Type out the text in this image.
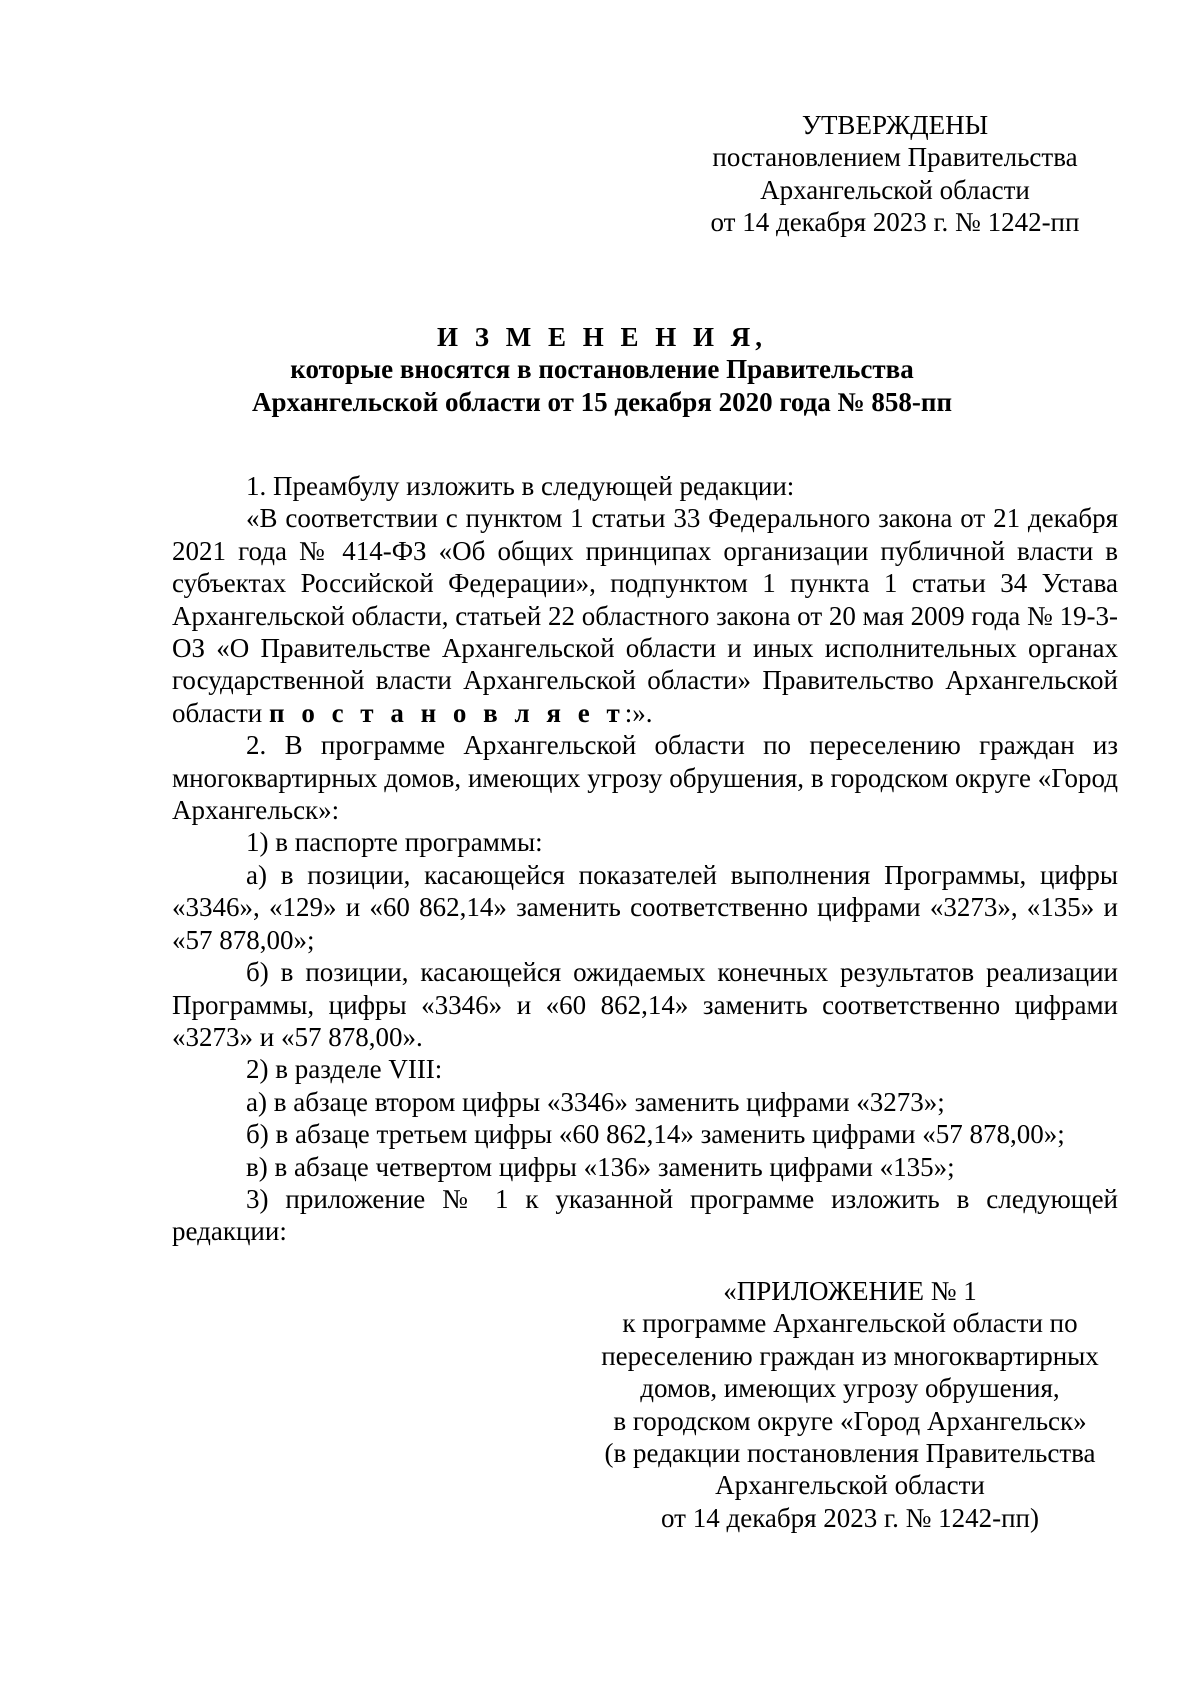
УТВЕРЖДЕНЫ
постановлением Правительства
Архангельской области
от 14 декабря 2023 г. № 1242-пп
И З М Е Н Е Н И Я,
которые вносятся в постановление Правительства
Архангельской области от 15 декабря 2020 года № 858-пп

1. Преамбулу изложить в следующей редакции:

«В соответствии с пунктом 1 статьи 33 Федерального закона от 21 декабря 2021 года № 414-ФЗ «Об общих принципах организации публичной власти в субъектах Российской Федерации», подпунктом 1 пункта 1 статьи 34 Устава Архангельской области, статьей 22 областного закона от 20 мая 2009 года № 19-3-ОЗ «О Правительстве Архангельской области и иных исполнительных органах государственной власти Архангельской области» Правительство Архангельской области п о с т а н о в л я е т:».

2. В программе Архангельской области по переселению граждан из многоквартирных домов, имеющих угрозу обрушения, в городском округе «Город Архангельск»:

1) в паспорте программы:

а) в позиции, касающейся показателей выполнения Программы, цифры «3346», «129» и «60 862,14» заменить соответственно цифрами «3273», «135» и «57 878,00»;

б) в позиции, касающейся ожидаемых конечных результатов реализации Программы, цифры «3346» и «60 862,14» заменить соответственно цифрами «3273» и «57 878,00».

2) в разделе VIII:

а) в абзаце втором цифры «3346» заменить цифрами «3273»;

б) в абзаце третьем цифры «60 862,14» заменить цифрами «57 878,00»;

в) в абзаце четвертом цифры «136» заменить цифрами «135»;

3) приложение № 1 к указанной программе изложить в следующей редакции:

«ПРИЛОЖЕНИЕ № 1
к программе Архангельской области по
переселению граждан из многоквартирных
домов, имеющих угрозу обрушения,
в городском округе «Город Архангельск»
(в редакции постановления Правительства
Архангельской области
от 14 декабря 2023 г. № 1242-пп)
